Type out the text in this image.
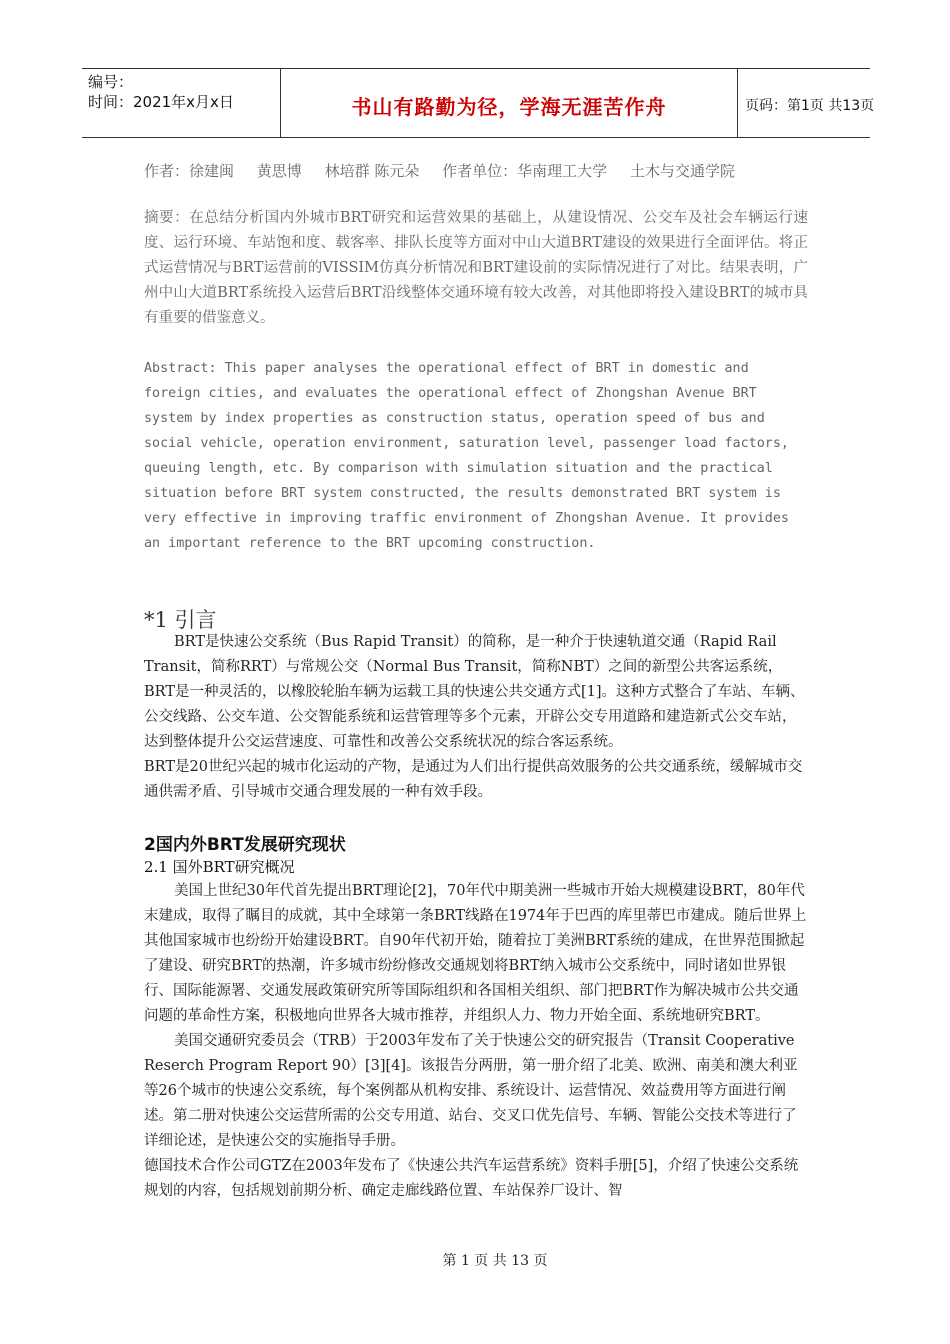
编号：
时间：2021年x月x日	书山有路勤为径，学海无涯苦作舟	页码：第1页 共13页
作者：徐建闽 黄思博 林培群 陈元朵 作者单位：华南理工大学 土木与交通学院

摘要：在总结分析国内外城市BRT研究和运营效果的基础上，从建设情况、公交车及社会车辆运行速度、运行环境、车站饱和度、载客率、排队长度等方面对中山大道BRT建设的效果进行全面评估。将正式运营情况与BRT运营前的VISSIM仿真分析情况和BRT建设前的实际情况进行了对比。结果表明，广州中山大道BRT系统投入运营后BRT沿线整体交通环境有较大改善，对其他即将投入建设BRT的城市具有重要的借鉴意义。

Abstract: This paper analyses the operational effect of BRT in domestic and foreign cities, and evaluates the operational effect of Zhongshan Avenue BRT system by index properties as construction status, operation speed of bus and social vehicle, operation environment, saturation level, passenger load factors, queuing length, etc. By comparison with simulation situation and the practical situation before BRT system constructed, the results demonstrated BRT system is very effective in improving traffic environment of Zhongshan Avenue. It provides an important reference to the BRT upcoming construction.

*1 引言

BRT是快速公交系统（Bus Rapid Transit）的简称，是一种介于快速轨道交通（Rapid Rail Transit，简称RRT）与常规公交（Normal Bus Transit，简称NBT）之间的新型公共客运系统，BRT是一种灵活的，以橡胶轮胎车辆为运载工具的快速公共交通方式[1]。这种方式整合了车站、车辆、公交线路、公交车道、公交智能系统和运营管理等多个元素，开辟公交专用道路和建造新式公交车站，达到整体提升公交运营速度、可靠性和改善公交系统状况的综合客运系统。

BRT是20世纪兴起的城市化运动的产物，是通过为人们出行提供高效服务的公共交通系统，缓解城市交通供需矛盾、引导城市交通合理发展的一种有效手段。

2国内外BRT发展研究现状
2.1 国外BRT研究概况

美国上世纪30年代首先提出BRT理论[2]，70年代中期美洲一些城市开始大规模建设BRT，80年代末建成，取得了瞩目的成就，其中全球第一条BRT线路在1974年于巴西的库里蒂巴市建成。随后世界上其他国家城市也纷纷开始建设BRT。自90年代初开始，随着拉丁美洲BRT系统的建成，在世界范围掀起了建设、研究BRT的热潮，许多城市纷纷修改交通规划将BRT纳入城市公交系统中，同时诸如世界银行、国际能源署、交通发展政策研究所等国际组织和各国相关组织、部门把BRT作为解决城市公共交通问题的革命性方案，积极地向世界各大城市推荐，并组织人力、物力开始全面、系统地研究BRT。

美国交通研究委员会（TRB）于2003年发布了关于快速公交的研究报告（Transit Cooperative Reserch Program Report 90）[3][4]。该报告分两册，第一册介绍了北美、欧洲、南美和澳大利亚等26个城市的快速公交系统，每个案例都从机构安排、系统设计、运营情况、效益费用等方面进行阐述。第二册对快速公交运营所需的公交专用道、站台、交叉口优先信号、车辆、智能公交技术等进行了详细论述，是快速公交的实施指导手册。

德国技术合作公司GTZ在2003年发布了《快速公共汽车运营系统》资料手册[5]，介绍了快速公交系统规划的内容，包括规划前期分析、确定走廊线路位置、车站保养厂设计、智

第 1 页 共 13 页
